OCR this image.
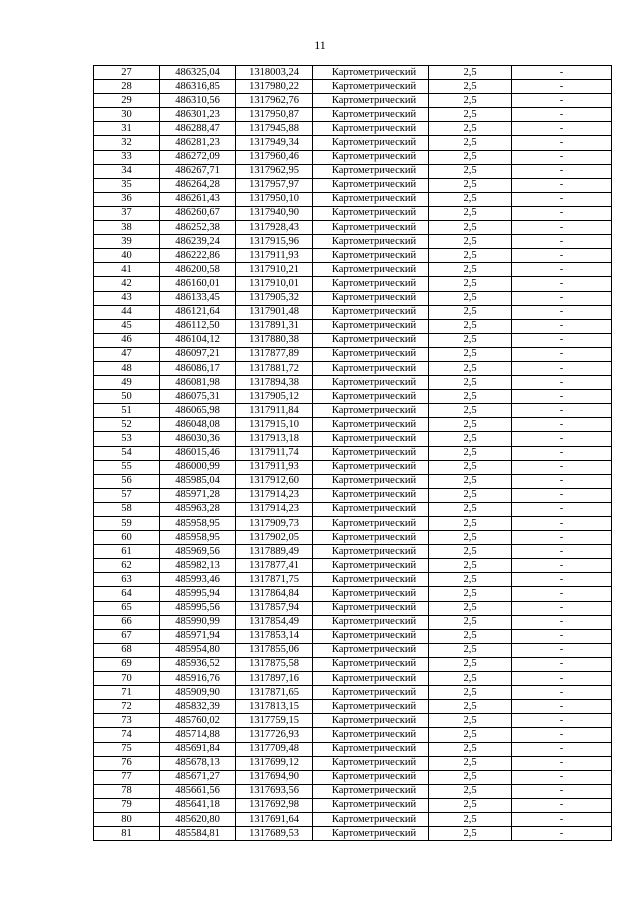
11
27	486325,04	1318003,24	Картометрический	2,5	-
28	486316,85	1317980,22	Картометрический	2,5	-
29	486310,56	1317962,76	Картометрический	2,5	-
30	486301,23	1317950,87	Картометрический	2,5	-
31	486288,47	1317945,88	Картометрический	2,5	-
32	486281,23	1317949,34	Картометрический	2,5	-
33	486272,09	1317960,46	Картометрический	2,5	-
34	486267,71	1317962,95	Картометрический	2,5	-
35	486264,28	1317957,97	Картометрический	2,5	-
36	486261,43	1317950,10	Картометрический	2,5	-
37	486260,67	1317940,90	Картометрический	2,5	-
38	486252,38	1317928,43	Картометрический	2,5	-
39	486239,24	1317915,96	Картометрический	2,5	-
40	486222,86	1317911,93	Картометрический	2,5	-
41	486200,58	1317910,21	Картометрический	2,5	-
42	486160,01	1317910,01	Картометрический	2,5	-
43	486133,45	1317905,32	Картометрический	2,5	-
44	486121,64	1317901,48	Картометрический	2,5	-
45	486112,50	1317891,31	Картометрический	2,5	-
46	486104,12	1317880,38	Картометрический	2,5	-
47	486097,21	1317877,89	Картометрический	2,5	-
48	486086,17	1317881,72	Картометрический	2,5	-
49	486081,98	1317894,38	Картометрический	2,5	-
50	486075,31	1317905,12	Картометрический	2,5	-
51	486065,98	1317911,84	Картометрический	2,5	-
52	486048,08	1317915,10	Картометрический	2,5	-
53	486030,36	1317913,18	Картометрический	2,5	-
54	486015,46	1317911,74	Картометрический	2,5	-
55	486000,99	1317911,93	Картометрический	2,5	-
56	485985,04	1317912,60	Картометрический	2,5	-
57	485971,28	1317914,23	Картометрический	2,5	-
58	485963,28	1317914,23	Картометрический	2,5	-
59	485958,95	1317909,73	Картометрический	2,5	-
60	485958,95	1317902,05	Картометрический	2,5	-
61	485969,56	1317889,49	Картометрический	2,5	-
62	485982,13	1317877,41	Картометрический	2,5	-
63	485993,46	1317871,75	Картометрический	2,5	-
64	485995,94	1317864,84	Картометрический	2,5	-
65	485995,56	1317857,94	Картометрический	2,5	-
66	485990,99	1317854,49	Картометрический	2,5	-
67	485971,94	1317853,14	Картометрический	2,5	-
68	485954,80	1317855,06	Картометрический	2,5	-
69	485936,52	1317875,58	Картометрический	2,5	-
70	485916,76	1317897,16	Картометрический	2,5	-
71	485909,90	1317871,65	Картометрический	2,5	-
72	485832,39	1317813,15	Картометрический	2,5	-
73	485760,02	1317759,15	Картометрический	2,5	-
74	485714,88	1317726,93	Картометрический	2,5	-
75	485691,84	1317709,48	Картометрический	2,5	-
76	485678,13	1317699,12	Картометрический	2,5	-
77	485671,27	1317694,90	Картометрический	2,5	-
78	485661,56	1317693,56	Картометрический	2,5	-
79	485641,18	1317692,98	Картометрический	2,5	-
80	485620,80	1317691,64	Картометрический	2,5	-
81	485584,81	1317689,53	Картометрический	2,5	-
